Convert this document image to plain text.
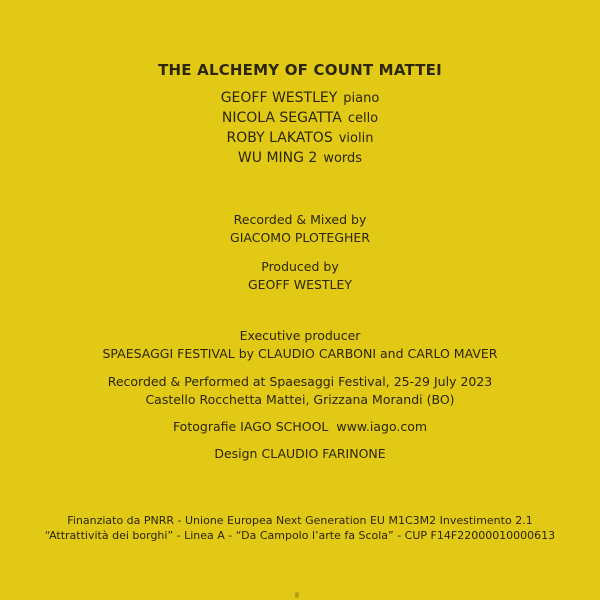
THE ALCHEMY OF COUNT MATTEI
GEOFF WESTLEY piano
NICOLA SEGATTA cello
ROBY LAKATOS violin
WU MING 2 words
Recorded & Mixed by
GIACOMO PLOTEGHER
Produced by
GEOFF WESTLEY
Executive producer
SPAESAGGI FESTIVAL by CLAUDIO CARBONI and CARLO MAVER
Recorded & Performed at Spaesaggi Festival, 25-29 July 2023
Castello Rocchetta Mattei, Grizzana Morandi (BO)
Fotografie IAGO SCHOOL www.iago.com
Design CLAUDIO FARINONE
Finanziato da PNRR - Unione Europea Next Generation EU M1C3M2 Investimento 2.1
“Attrattività dei borghi” - Linea A - “Da Campolo l’arte fa Scola” - CUP F14F22000010000613
